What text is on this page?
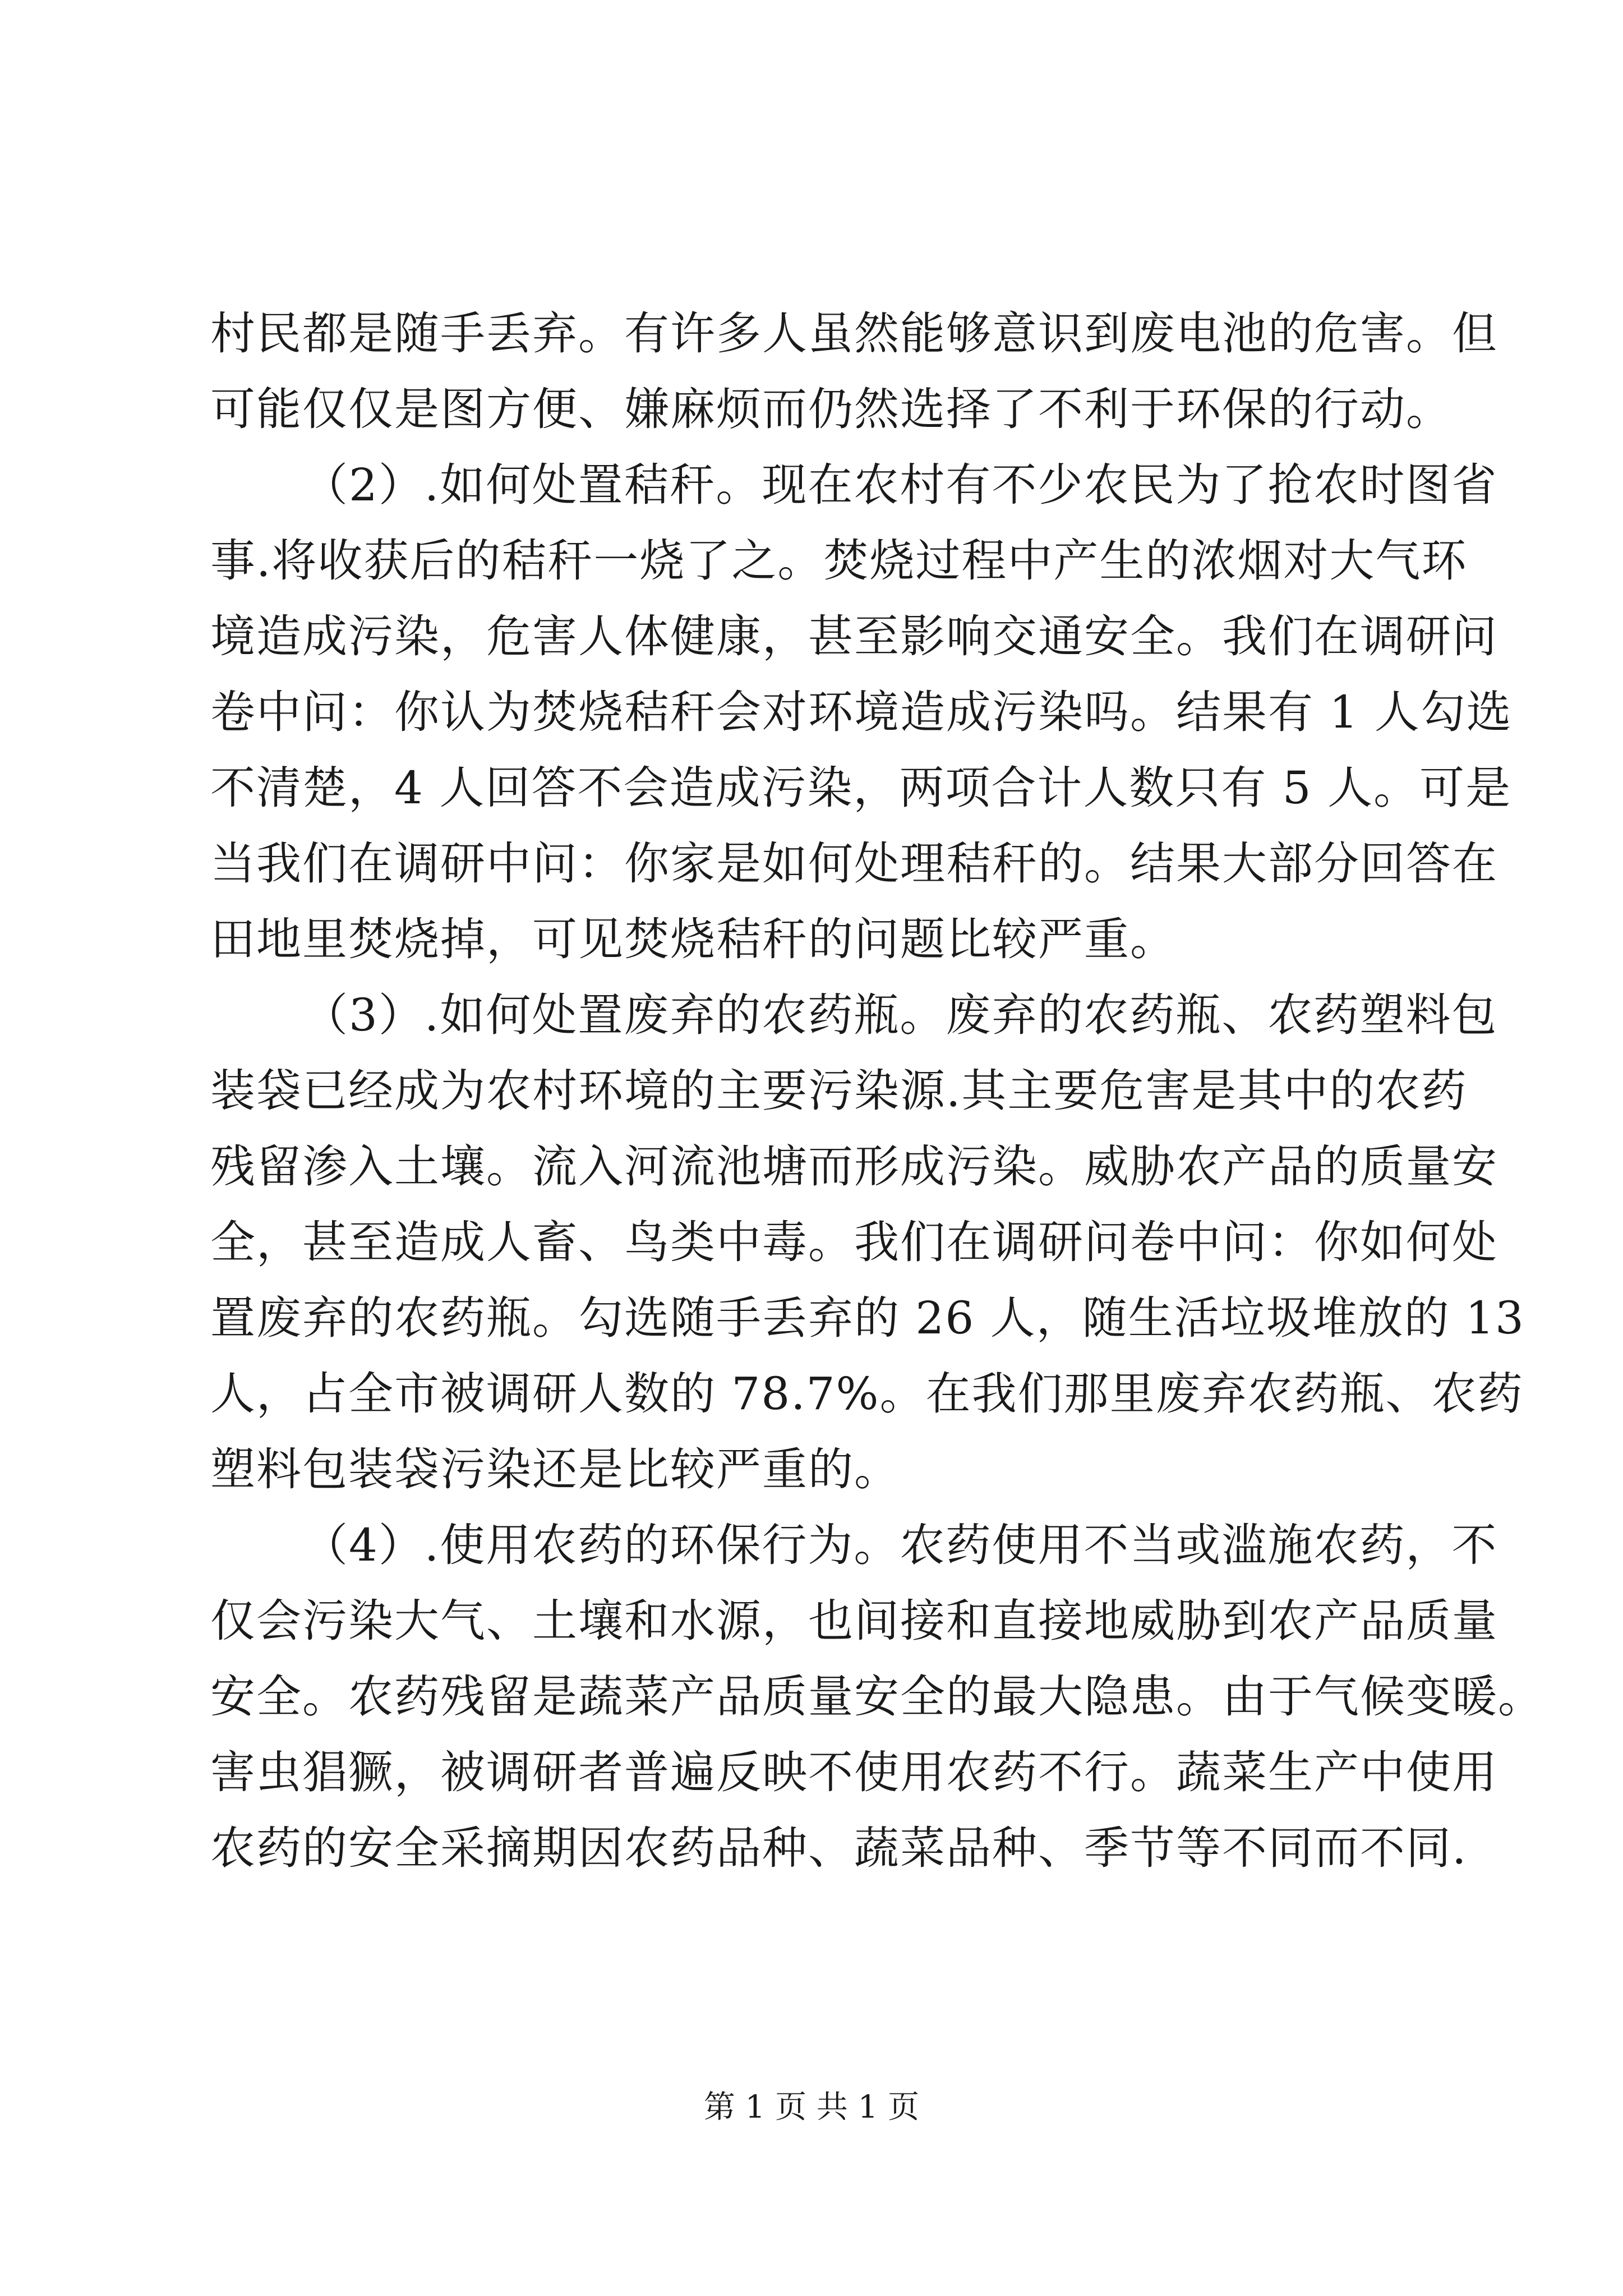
村民都是随手丢弃。有许多人虽然能够意识到废电池的危害。但
可能仅仅是图方便、嫌麻烦而仍然选择了不利于环保的行动。
（2）.如何处置秸秆。现在农村有不少农民为了抢农时图省
事.将收获后的秸秆一烧了之。焚烧过程中产生的浓烟对大气环
境造成污染，危害人体健康，甚至影响交通安全。我们在调研问
卷中问：你认为焚烧秸秆会对环境造成污染吗。结果有 1 人勾选
不清楚，4 人回答不会造成污染，两项合计人数只有 5 人。可是
当我们在调研中问：你家是如何处理秸秆的。结果大部分回答在
田地里焚烧掉，可见焚烧秸秆的问题比较严重。
（3）.如何处置废弃的农药瓶。废弃的农药瓶、农药塑料包
装袋已经成为农村环境的主要污染源.其主要危害是其中的农药
残留渗入土壤。流入河流池塘而形成污染。威胁农产品的质量安
全，甚至造成人畜、鸟类中毒。我们在调研问卷中问：你如何处
置废弃的农药瓶。勾选随手丢弃的 26 人，随生活垃圾堆放的 13
人，占全市被调研人数的 78.7%。在我们那里废弃农药瓶、农药
塑料包装袋污染还是比较严重的。
（4）.使用农药的环保行为。农药使用不当或滥施农药，不
仅会污染大气、土壤和水源，也间接和直接地威胁到农产品质量
安全。农药残留是蔬菜产品质量安全的最大隐患。由于气候变暖。
害虫猖獗，被调研者普遍反映不使用农药不行。蔬菜生产中使用
农药的安全采摘期因农药品种、蔬菜品种、季节等不同而不同.
第 1 页 共 1 页
